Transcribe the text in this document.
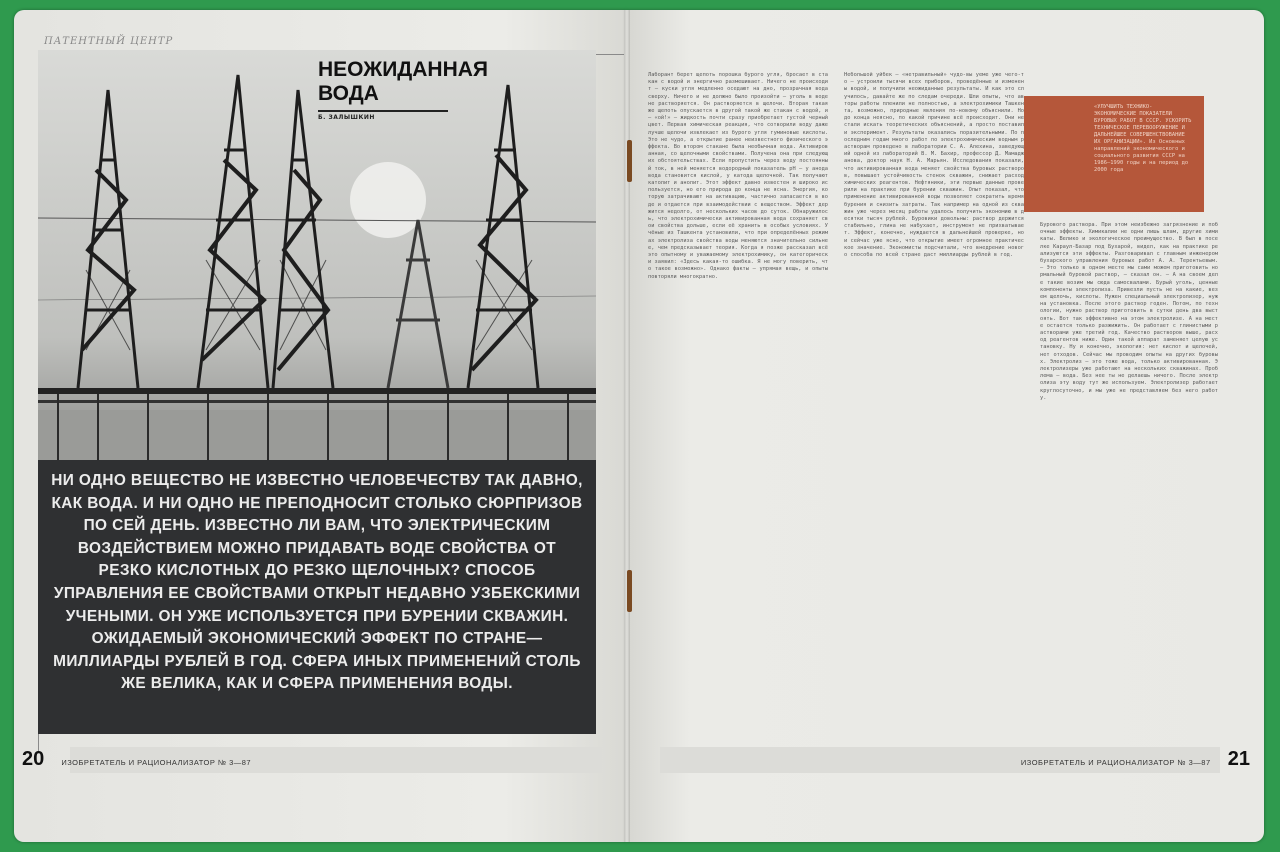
ПАТЕНТНЫЙ ЦЕНТР
НЕОЖИДАННАЯ ВОДА
Б. ЗАЛЫШКИН
НИ ОДНО ВЕЩЕСТВО НЕ ИЗВЕСТНО ЧЕЛОВЕЧЕСТВУ ТАК ДАВНО, КАК ВОДА. И НИ ОДНО НЕ ПРЕПОДНОСИТ СТОЛЬКО СЮРПРИЗОВ ПО СЕЙ ДЕНЬ. ИЗВЕСТНО ЛИ ВАМ, ЧТО ЭЛЕКТРИЧЕСКИМ ВОЗДЕЙСТВИЕМ МОЖНО ПРИДАВАТЬ ВОДЕ СВОЙСТВА ОТ РЕЗКО КИСЛОТНЫХ ДО РЕЗКО ЩЕЛОЧНЫХ? СПОСОБ УПРАВЛЕНИЯ ЕЕ СВОЙСТВАМИ ОТКРЫТ НЕДАВНО УЗБЕКСКИМИ УЧЕНЫМИ. ОН УЖЕ ИСПОЛЬЗУЕТСЯ ПРИ БУРЕНИИ СКВАЖИН. ОЖИДАЕМЫЙ ЭКОНОМИЧЕСКИЙ ЭФФЕКТ ПО СТРАНЕ—МИЛЛИАРДЫ РУБЛЕЙ В ГОД. СФЕРА ИНЫХ ПРИМЕНЕНИЙ СТОЛЬ ЖЕ ВЕЛИКА, КАК И СФЕРА ПРИМЕНЕНИЯ ВОДЫ.
20 ИЗОБРЕТАТЕЛЬ И РАЦИОНАЛИЗАТОР № 3—87
Лаборант берет щепоть порошка бурого угля, бросает в стакан с водой и энергично размешивает. Ничего не происходит — куски угля медленно оседают на дно, прозрачная вода сверху. Ничего и не должно было произойти — уголь в воде не растворяется. Он растворяется в щелочи. Вторая такая же щепоть опускается в другой такой же стакан с водой, и — «ой!» — жидкость почти сразу приобретает густой черный цвет. Первая химическая реакция, что сотворили воду даже лучше щелочи извлекает из бурого угля гуминовые кислоты. Это не чудо, а открытие ранее неизвестного физического эффекта. Во втором стакане была необычная вода. Активированная, со щелочными свойствами. Получена она при следующих обстоятельствах. Если пропустить через воду постоянный ток, в ней меняется водородный показатель pH — у анода вода становится кислой, у катода щелочной. Так получают католит и анолит. Этот эффект давно известен и широко используется, но его природа до конца не ясна. Энергия, которую затрачивают на активацию, частично запасается в воде и отдается при взаимодействии с веществом. Эффект держится недолго, от нескольких часов до суток. Обнаружилось, что электрохимически активированная вода сохраняет свои свойства дольше, если её хранить в особых условиях. Учёные из Ташкента установили, что при определённых режимах электролиза свойства воды меняются значительно сильнее, чем предсказывает теория. Когда я позже рассказал всё это опытному и уважаемому электрохимику, он категорически заявил: «Здесь какая-то ошибка. Я не могу поверить, что такое возможно». Однако факты — упрямая вещь, и опыты повторяли многократно.
Небольшой уйбек — «нетравильный» чудо-вы уеме уже чего-то — устроили тысячи всех приборов, проведённые и изменены водой, и получили неожиданные результаты. И как это случилось, давайте же по следам очереди. Шли опыты, что авторы работы пленили не полностью, а электрохимики Ташкента, возможно, природные явления по-новому объяснили. Но до конца неясно, по какой причине всё происходит. Они не стали искать теоретических объяснений, а просто поставили эксперимент. Результаты оказались поразительными. По последним годам много работ по электрохимическим водным растворам проведено в лаборатории С. А. Алехина, заведующий одной из лабораторий В. М. Бахир, профессор Д. Мамаджанова, доктор наук Н. А. Марьян. Исследования показали, что активированная вода меняет свойства буровых растворов, повышает устойчивость стенок скважин, снижает расход химических реагентов. Нефтяники, эти первые данные проверили на практике при бурении скважин. Опыт показал, что применение активированной воды позволяет сократить время бурения и снизить затраты. Так например на одной из скважин уже через месяц работы удалось получить экономию в десятки тысяч рублей. Буровики довольны: раствор держится стабильно, глина не набухает, инструмент не прихватывает. Эффект, конечно, нуждается в дальнейшей проверке, но и сейчас уже ясно, что открытие имеет огромное практическое значение. Экономисты подсчитали, что внедрение нового способа по всей стране даст миллиарды рублей в год.
Бурового раствора. При этом неизбежно загрязнение и побочные эффекты. Химикалии не одни лишь шлам, другие химикаты. Велико и экологическое преимущество. В был в поселке Караул-Базар под Бухарой, видел, как на практике реализуются эти эффекты. Разговаривал с главным инженером бухарского управления буровых работ А. А. Терентьевым. — Это только в одном месте мы сами можем приготовить нормальный буровой раствор, — сказал он. — А на своем деле такие возим мы сюда самосвалами. Бурый уголь, ценные компоненты электролиза. Привезли пусть не на какие, везем щелочь, кислоты. Нужен специальный электролизер, нужна установка. После этого раствор годен. Потом, по технологии, нужно раствор приготовить в сутки день два выстоять. Вот так эффективно на этом электролизе. А на месте остается только разжижить. Он работает с глинистыми растворами уже третий год. Качество растворов выше, расход реагентов ниже. Один такой аппарат заменяет целую установку. Ну и конечно, экология: нет кислот и щелочей, нет отходов. Сейчас мы проводим опыты на других буровых. Электролиз — это тоже вода, только активированная. Электролизеры уже работают на нескольких скважинах. Проблема — вода. Без нее ты не делаешь ничего. После электролиза эту воду тут же используем. Электролизер работает круглосуточно, и мы уже не представляем без него работу.
«УЛУЧШИТЬ ТЕХНИКО-ЭКОНОМИЧЕСКИЕ ПОКАЗАТЕЛИ БУРОВЫХ РАБОТ В СССР. УСКОРИТЬ ТЕХНИЧЕСКОЕ ПЕРЕВООРУЖЕНИЕ И ДАЛЬНЕЙШЕЕ СОВЕРШЕНСТВОВАНИЕ ИХ ОРГАНИЗАЦИИ». Из Основных направлений экономического и социального развития СССР на 1986—1990 годы и на период до 2000 года
ИЗОБРЕТАТЕЛЬ И РАЦИОНАЛИЗАТОР № 3—87 21
